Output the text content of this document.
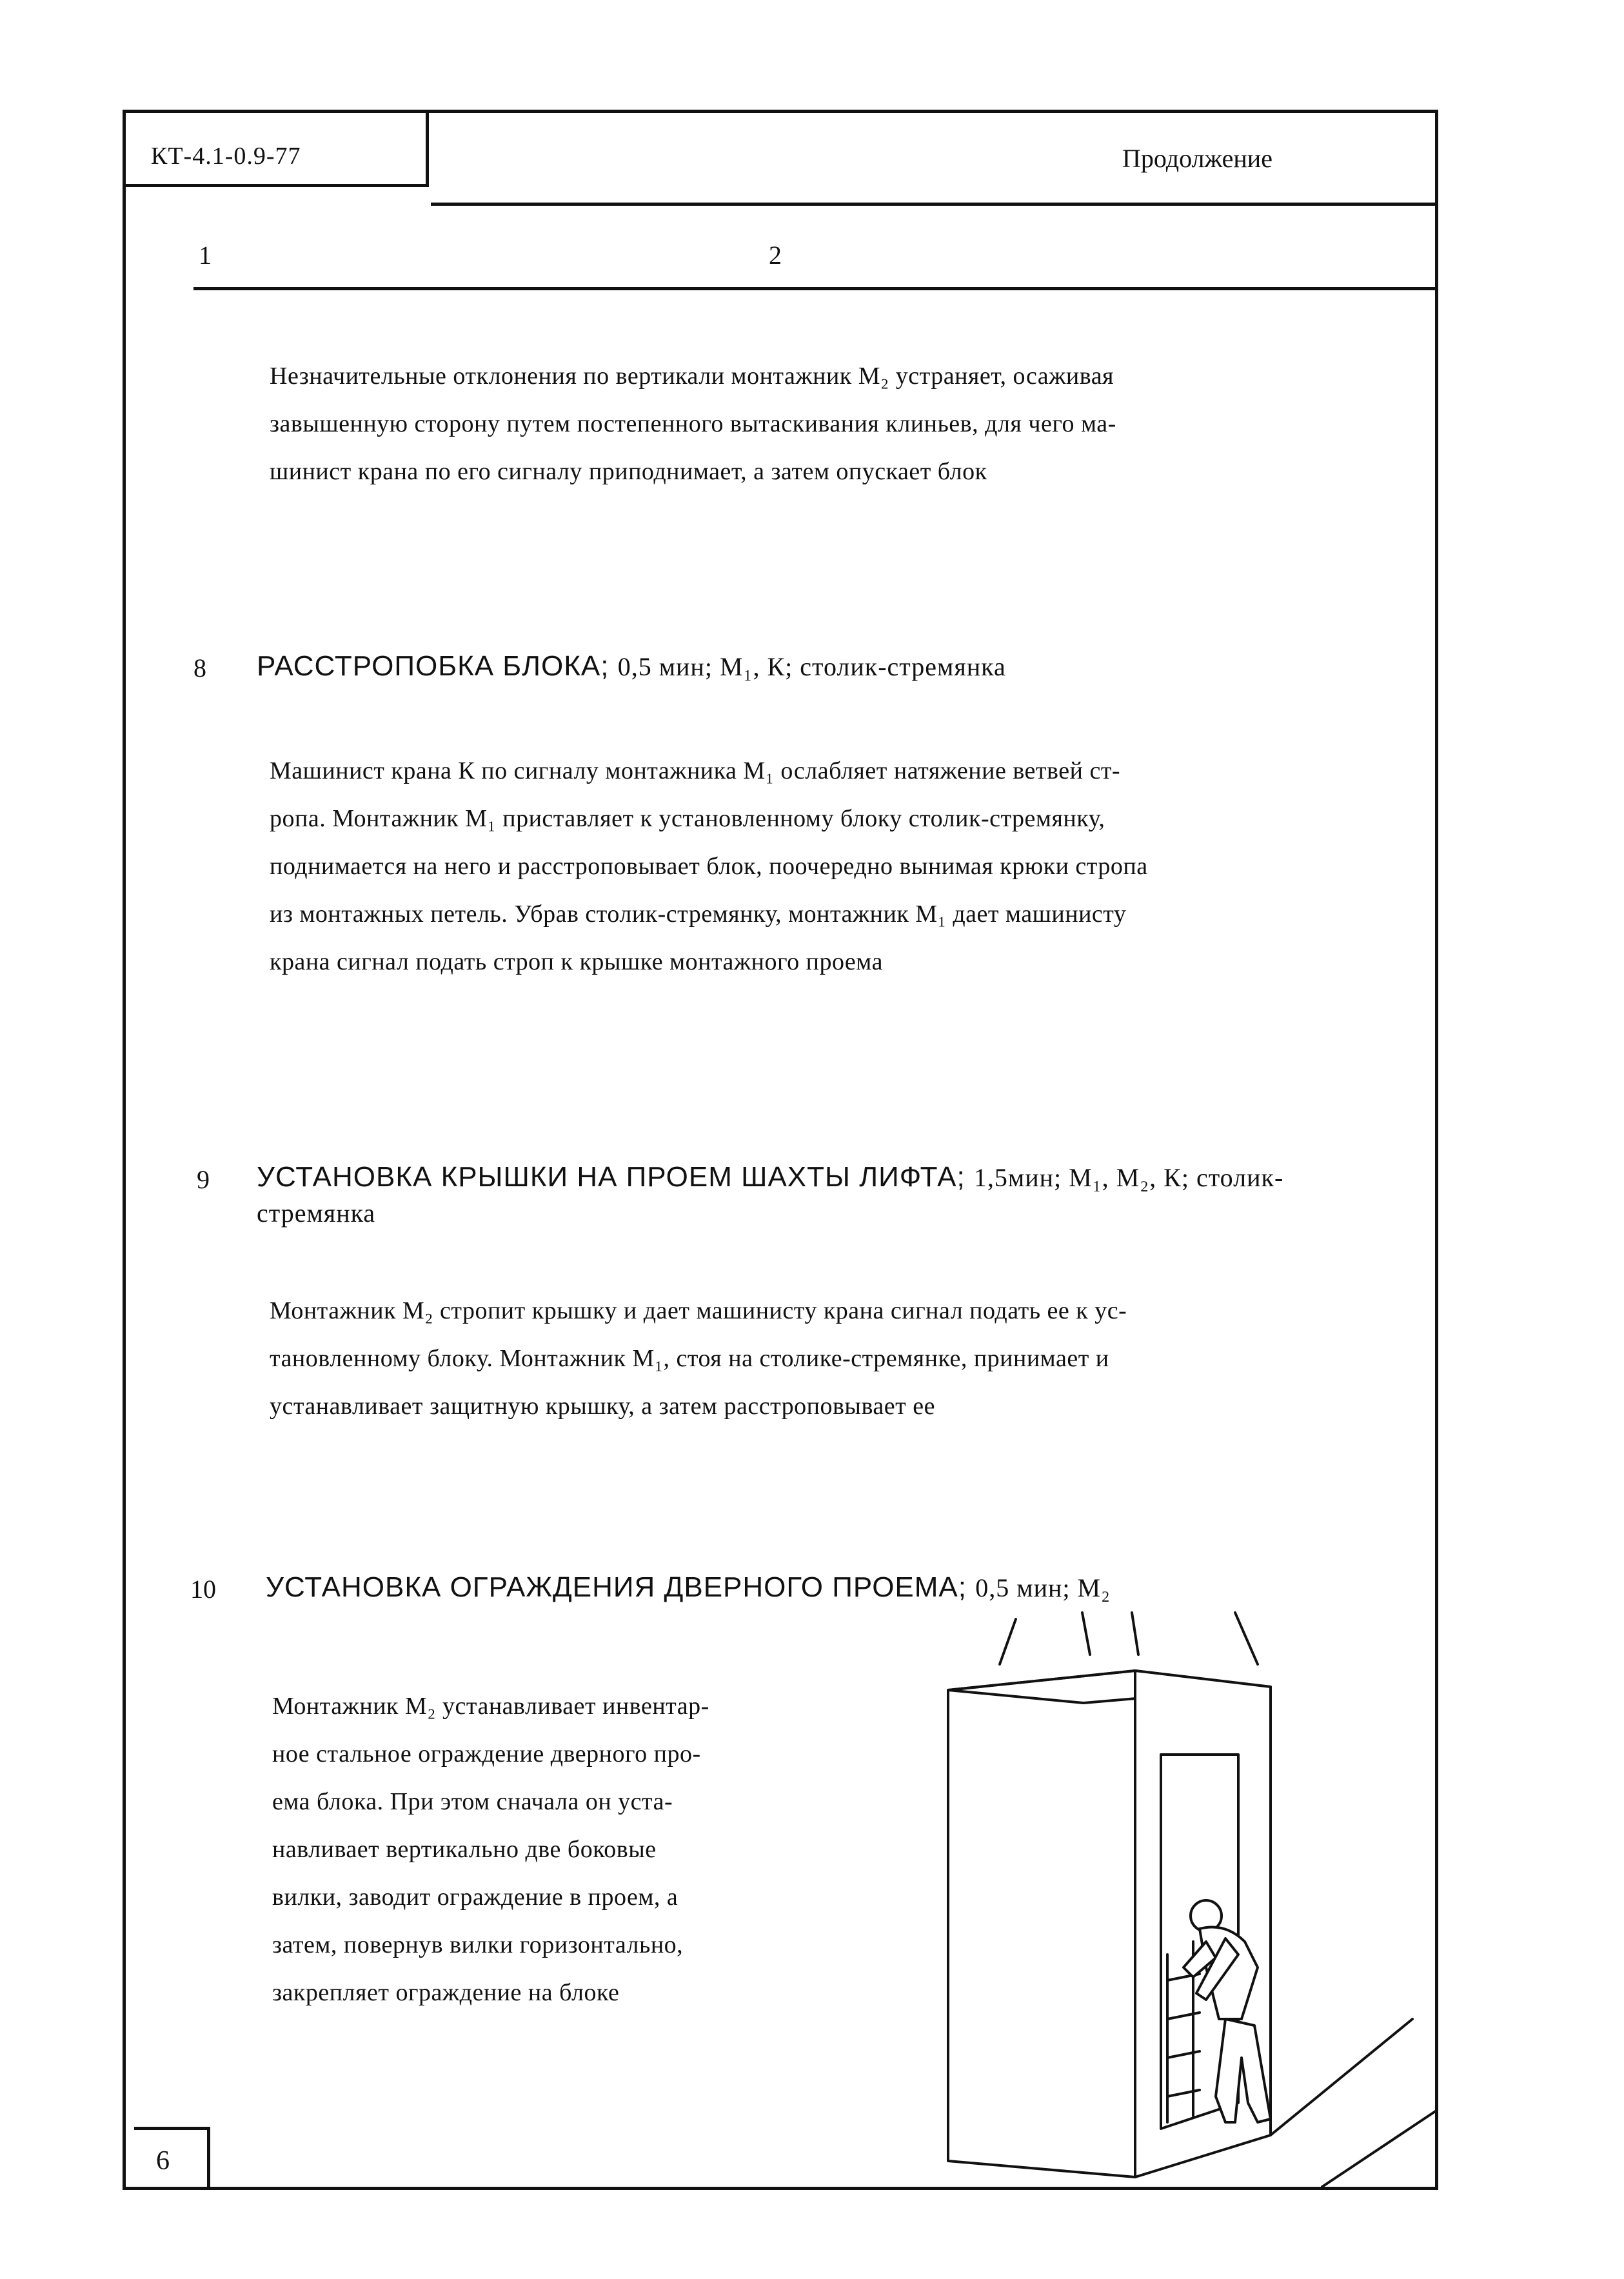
КТ-4.1-0.9-77	Продолжение
1	2

Незначительные отклонения по вертикали монтажник М₂ устраняет, осаживая

завышенную сторону путем постепенного вытаскивания клиньев, для чего ма-

шинист крана по его сигналу приподнимает, а затем опускает блок

8 РАССТРОПОБКА БЛОКА; 0,5 мин; М₁, К; столик-стремянка

Машинист крана К по сигналу монтажника М₁ ослабляет натяжение ветвей ст-

ропа. Монтажник М₁ приставляет к установленному блоку столик-стремянку,

поднимается на него и расстроповывает блок, поочередно вынимая крюки стропа

из монтажных петель. Убрав столик-стремянку, монтажник М₁ дает машинисту

крана сигнал подать строп к крышке монтажного проема

9 УСТАНОВКА КРЫШКИ НА ПРОЕМ ШАХТЫ ЛИФТА; 1,5мин; М₁, М₂, К; столик-
стремянка

Монтажник М₂ стропит крышку и дает машинисту крана сигнал подать ее к ус-

тановленному блоку. Монтажник М₁, стоя на столике-стремянке, принимает и

устанавливает защитную крышку, а затем расстроповывает ее

10 УСТАНОВКА ОГРАЖДЕНИЯ ДВЕРНОГО ПРОЕМА; 0,5 мин; М₂

Монтажник М₂ устанавливает инвентар-

ное стальное ограждение дверного про-

ема блока. При этом сначала он уста-

навливает вертикально две боковые

вилки, заводит ограждение в проем, а

затем, повернув вилки горизонтально,

закрепляет ограждение на блоке

6
